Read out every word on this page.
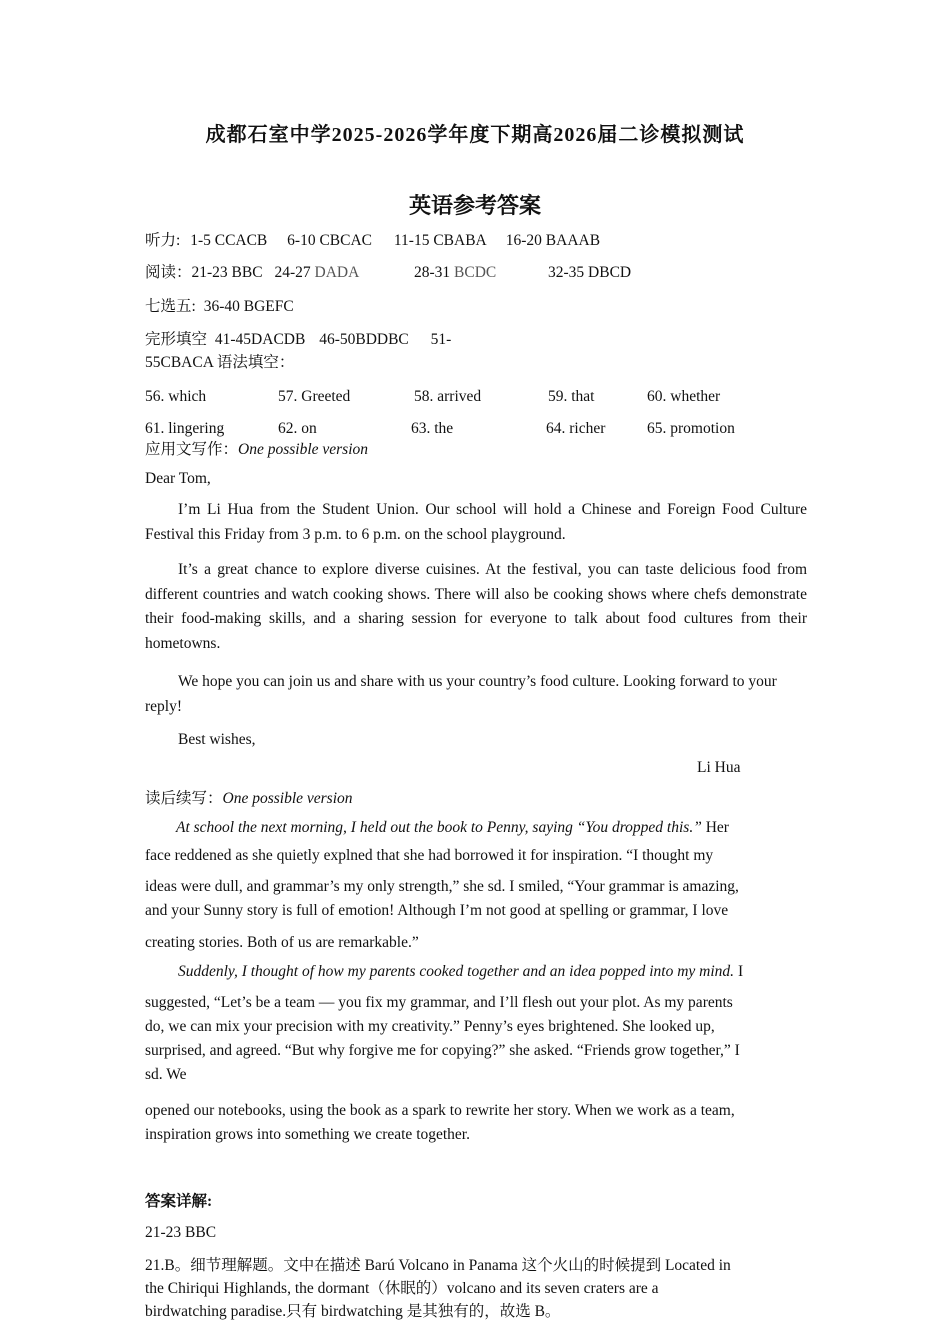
成都石室中学2025-2026学年度下期高2026届二诊模拟测试
英语参考答案
听力: 1-5 CCACB 6-10 CBCAC 11-15 CBABA 16-20 BAAAB
阅读：21-23 BBC 24-27 DADA	28-31 BCDC	32-35 DBCD
七选五: 36-40 BGEFC
完形填空 41-45DACDB 46-50BDDBC 51-
55CBACA 语法填空：
56. which	57. Greeted	58. arrived	59. that	60. whether
61. lingering	62. on	63. the	64. richer	65. promotion
应用文写作：One possible version
Dear Tom,
I’m Li Hua from the Student Union. Our school will hold a Chinese and Foreign Food Culture Festival this Friday from 3 p.m. to 6 p.m. on the school playground.
It’s a great chance to explore diverse cuisines. At the festival, you can taste delicious food from different countries and watch cooking shows. There will also be cooking shows where chefs demonstrate their food-making skills, and a sharing session for everyone to talk about food cultures from their hometowns.
We hope you can join us and share with us your country’s food culture. Looking forward to your reply!
Best wishes,
Li Hua
读后续写：One possible version
At school the next morning, I held out the book to Penny, saying “You dropped this.” Her
face reddened as she quietly explned that she had borrowed it for inspiration. “I thought my
ideas were dull, and grammar’s my only strength,” she sd. I smiled, “Your grammar is amazing,
and your Sunny story is full of emotion! Although I’m not good at spelling or grammar, I love
creating stories. Both of us are remarkable.”
Suddenly, I thought of how my parents cooked together and an idea popped into my mind. I
suggested, “Let’s be a team — you fix my grammar, and I’ll flesh out your plot. As my parents
do, we can mix your precision with my creativity.” Penny’s eyes brightened. She looked up,
surprised, and agreed. “But why forgive me for copying?” she asked. “Friends grow together,” I
sd. We
opened our notebooks, using the book as a spark to rewrite her story. When we work as a team,
inspiration grows into something we create together.
答案详解:
21-23 BBC
21.B。细节理解题。文中在描述 Barú Volcano in Panama 这个火山的时候提到 Located in
the Chiriqui Highlands, the dormant（休眠的）volcano and its seven craters are a
birdwatching paradise.只有 birdwatching 是其独有的，故选 B。
